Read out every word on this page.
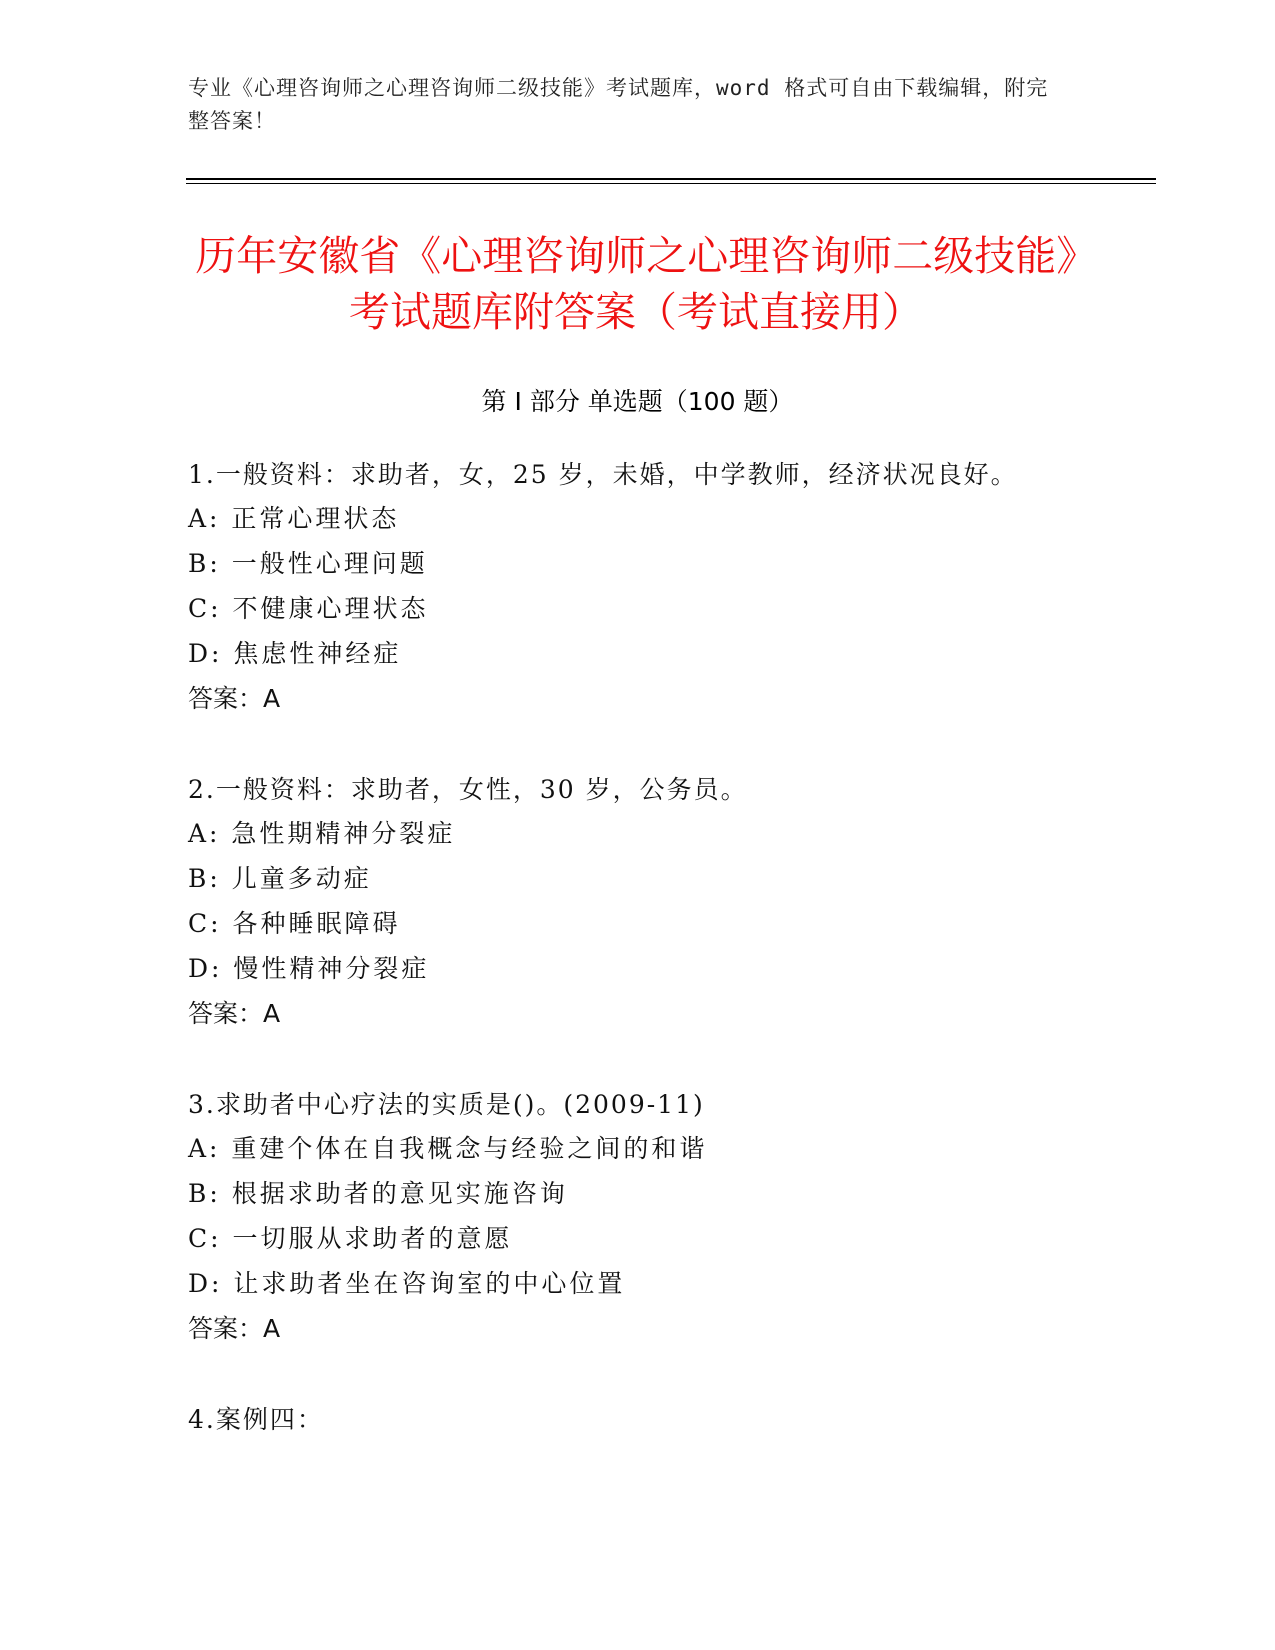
专业《心理咨询师之心理咨询师二级技能》考试题库，word 格式可自由下载编辑，附完整答案！
历年安徽省《心理咨询师之心理咨询师二级技能》考试题库附答案（考试直接用）
第 I 部分 单选题（100 题）
1.一般资料：求助者，女，25 岁，未婚，中学教师，经济状况良好。
A: 正常心理状态
B: 一般性心理问题
C: 不健康心理状态
D: 焦虑性神经症
答案：A
2.一般资料：求助者，女性，30 岁，公务员。
A: 急性期精神分裂症
B: 儿童多动症
C: 各种睡眠障碍
D: 慢性精神分裂症
答案：A
3.求助者中心疗法的实质是()。(2009-11)
A: 重建个体在自我概念与经验之间的和谐
B: 根据求助者的意见实施咨询
C: 一切服从求助者的意愿
D: 让求助者坐在咨询室的中心位置
答案：A
4.案例四：
